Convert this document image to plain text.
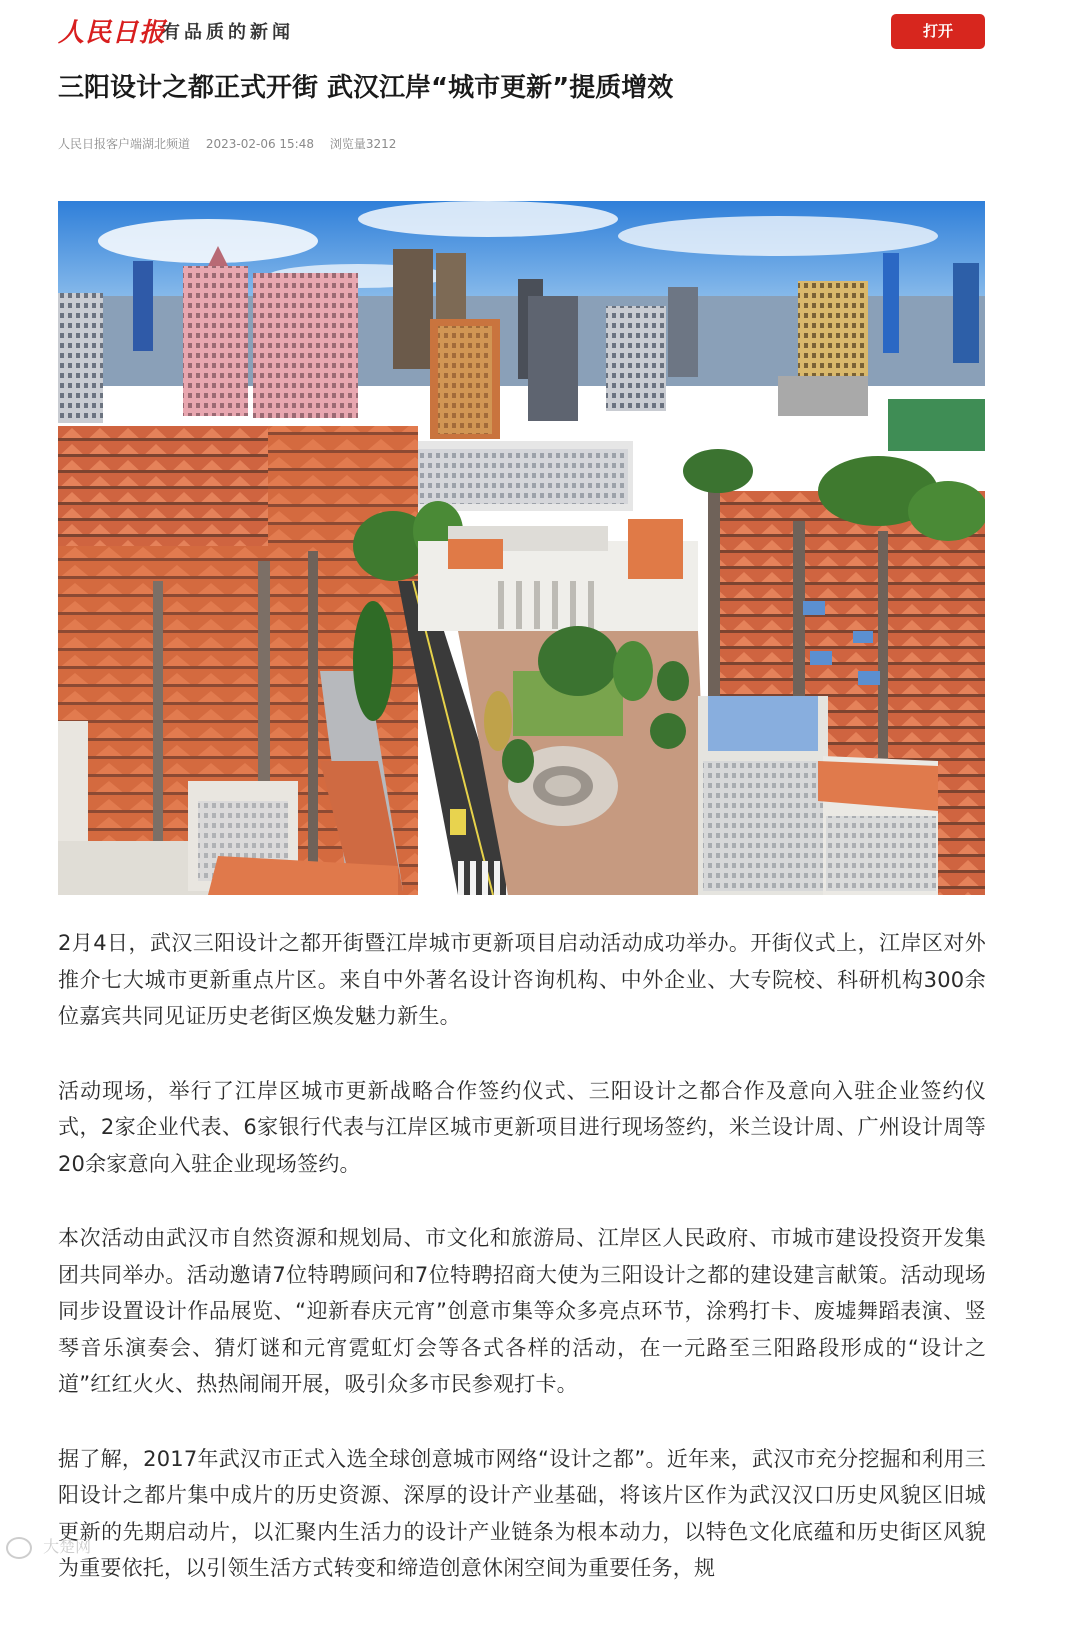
人民日报
有品质的新闻	打开
三阳设计之都正式开街 武汉江岸“城市更新”提质增效
人民日报客户端湖北频道 2023-02-06 15:48 浏览量3212

2月4日，武汉三阳设计之都开街暨江岸城市更新项目启动活动成功举办。开街仪式上，江岸区对外推介七大城市更新重点片区。来自中外著名设计咨询机构、中外企业、大专院校、科研机构300余位嘉宾共同见证历史老街区焕发魅力新生。

活动现场，举行了江岸区城市更新战略合作签约仪式、三阳设计之都合作及意向入驻企业签约仪式，2家企业代表、6家银行代表与江岸区城市更新项目进行现场签约，米兰设计周、广州设计周等20余家意向入驻企业现场签约。

本次活动由武汉市自然资源和规划局、市文化和旅游局、江岸区人民政府、市城市建设投资开发集团共同举办。活动邀请7位特聘顾问和7位特聘招商大使为三阳设计之都的建设建言献策。活动现场同步设置设计作品展览、“迎新春庆元宵”创意市集等众多亮点环节，涂鸦打卡、废墟舞蹈表演、竖琴音乐演奏会、猜灯谜和元宵霓虹灯会等各式各样的活动，在一元路至三阳路段形成的“设计之道”红红火火、热热闹闹开展，吸引众多市民参观打卡。

据了解，2017年武汉市正式入选全球创意城市网络“设计之都”。近年来，武汉市充分挖掘和利用三阳设计之都片集中成片的历史资源、深厚的设计产业基础，将该片区作为武汉汉口历史风貌区旧城更新的先期启动片，以汇聚内生活力的设计产业链条为根本动力，以特色文化底蕴和历史街区风貌为重要依托，以引领生活方式转变和缔造创意休闲空间为重要任务，规

大楚网
